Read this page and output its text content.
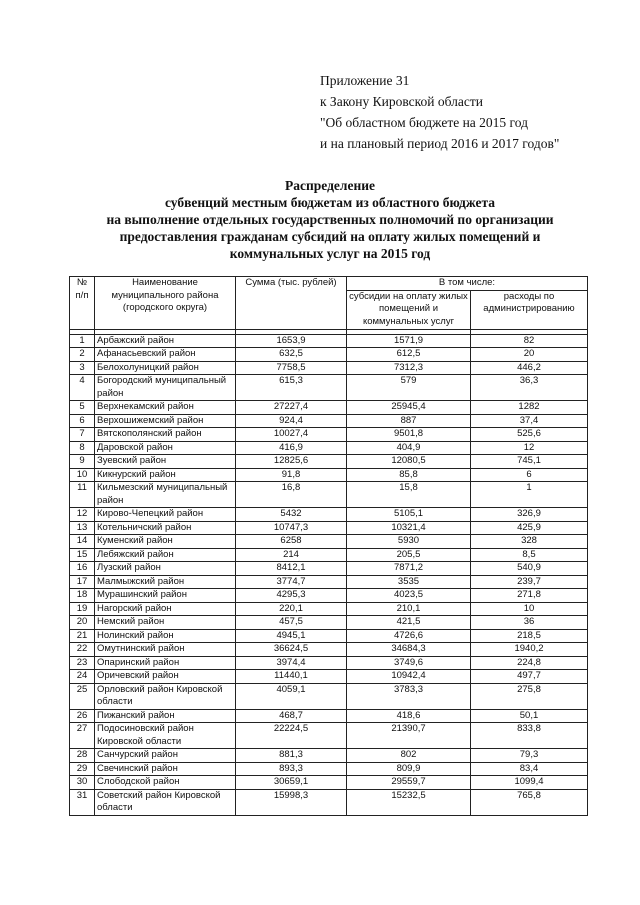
Приложение 31
к Закону Кировской области
"Об областном бюджете на 2015 год
и на плановый период 2016 и 2017 годов"
Распределение
субвенций местным бюджетам из областного бюджета
на выполнение отдельных государственных полномочий по организации
предоставления гражданам субсидий на оплату жилых помещений и
коммунальных услуг на 2015 год
№ п/п	Наименование муниципального района (городского округа)	Сумма (тыс. рублей)	В том числе:	
			субсидии на оплату жилых помещений и коммунальных услуг	расходы по администрированию

1	Арбажский район	1653,9	1571,9	82
2	Афанасьевский район	632,5	612,5	20
3	Белохолуницкий район	7758,5	7312,3	446,2
4	Богородский муниципальный район	615,3	579	36,3
5	Верхнекамский район	27227,4	25945,4	1282
6	Верхошижемский район	924,4	887	37,4
7	Вятскополянский район	10027,4	9501,8	525,6
8	Даровской район	416,9	404,9	12
9	Зуевский район	12825,6	12080,5	745,1
10	Кикнурский район	91,8	85,8	6
11	Кильмезский муниципальный район	16,8	15,8	1
12	Кирово-Чепецкий район	5432	5105,1	326,9
13	Котельничский район	10747,3	10321,4	425,9
14	Куменский район	6258	5930	328
15	Лебяжский район	214	205,5	8,5
16	Лузский район	8412,1	7871,2	540,9
17	Малмыжский район	3774,7	3535	239,7
18	Мурашинский район	4295,3	4023,5	271,8
19	Нагорский район	220,1	210,1	10
20	Немский район	457,5	421,5	36
21	Нолинский район	4945,1	4726,6	218,5
22	Омутнинский район	36624,5	34684,3	1940,2
23	Опаринский район	3974,4	3749,6	224,8
24	Оричевский район	11440,1	10942,4	497,7
25	Орловский район Кировской области	4059,1	3783,3	275,8
26	Пижанский район	468,7	418,6	50,1
27	Подосиновский район Кировской области	22224,5	21390,7	833,8
28	Санчурский район	881,3	802	79,3
29	Свечинский район	893,3	809,9	83,4
30	Слободской район	30659,1	29559,7	1099,4
31	Советский район Кировской области	15998,3	15232,5	765,8
